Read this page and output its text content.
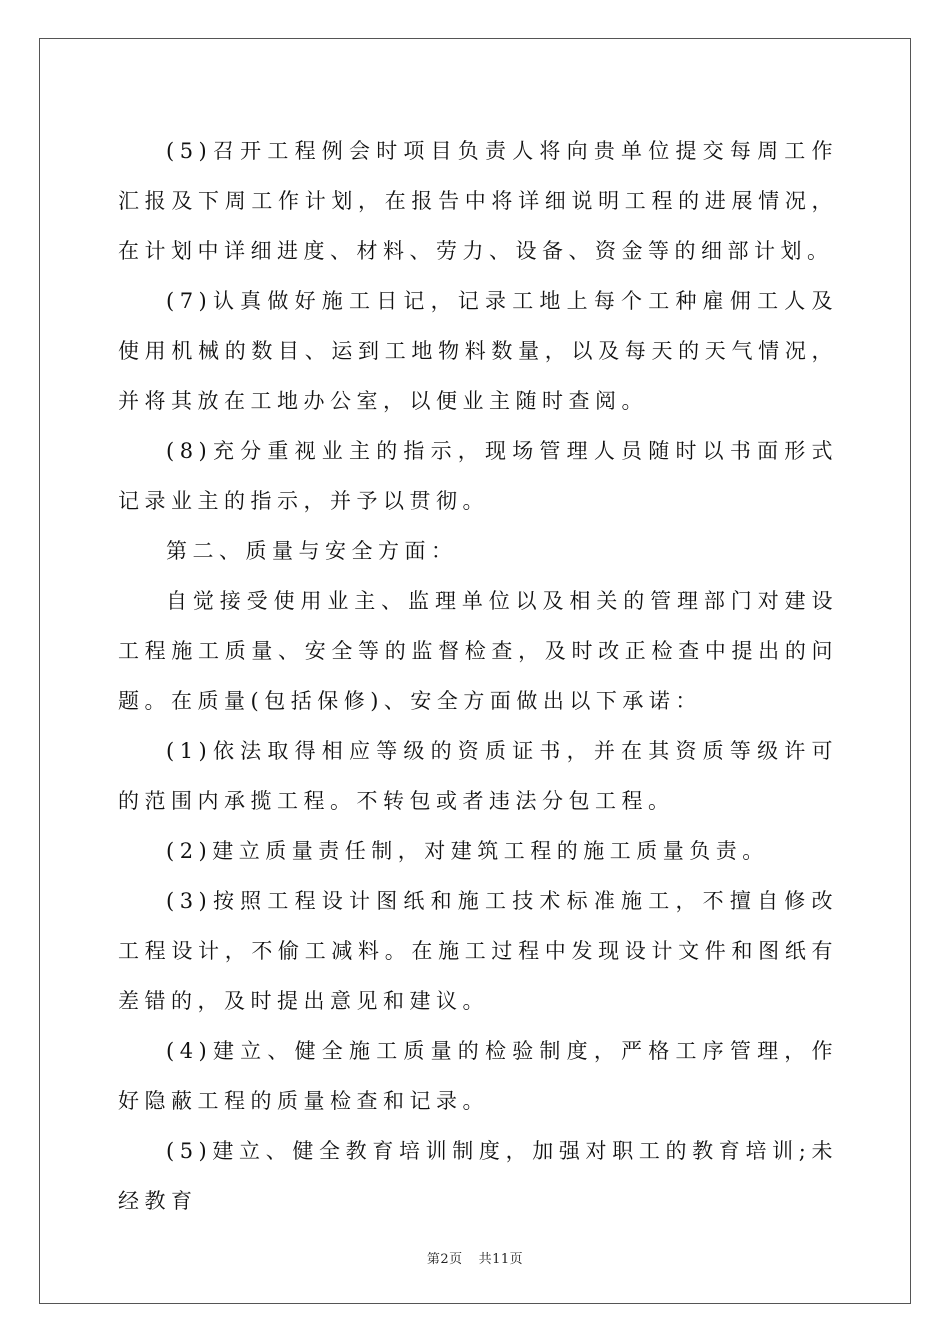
(5)召开工程例会时项目负责人将向贵单位提交每周工作汇报及下周工作计划，在报告中将详细说明工程的进展情况，在计划中详细进度、材料、劳力、设备、资金等的细部计划。

(7)认真做好施工日记，记录工地上每个工种雇佣工人及使用机械的数目、运到工地物料数量，以及每天的天气情况，并将其放在工地办公室，以便业主随时查阅。

(8)充分重视业主的指示，现场管理人员随时以书面形式记录业主的指示，并予以贯彻。

第二、质量与安全方面：

自觉接受使用业主、监理单位以及相关的管理部门对建设工程施工质量、安全等的监督检查，及时改正检查中提出的问题。在质量(包括保修)、安全方面做出以下承诺：

(1)依法取得相应等级的资质证书，并在其资质等级许可的范围内承揽工程。不转包或者违法分包工程。

(2)建立质量责任制，对建筑工程的施工质量负责。

(3)按照工程设计图纸和施工技术标准施工，不擅自修改工程设计，不偷工减料。在施工过程中发现设计文件和图纸有差错的，及时提出意见和建议。

(4)建立、健全施工质量的检验制度，严格工序管理，作好隐蔽工程的质量检查和记录。

(5)建立、健全教育培训制度，加强对职工的教育培训;未经教育

第2页 共11页
